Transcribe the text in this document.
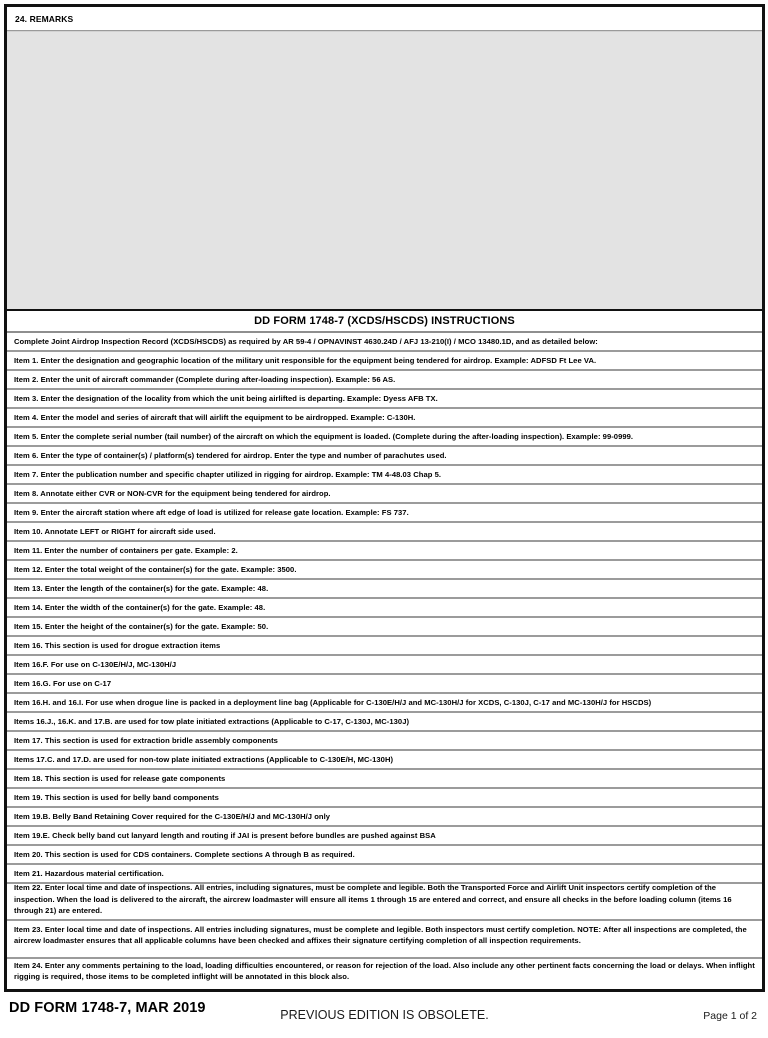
24. REMARKS
DD FORM 1748-7 (XCDS/HSCDS) INSTRUCTIONS
Complete Joint Airdrop Inspection Record (XCDS/HSCDS) as required by AR 59-4 / OPNAVINST 4630.24D / AFJ 13-210(I) / MCO 13480.1D, and as detailed below:
Item 1. Enter the designation and geographic location of the military unit responsible for the equipment being tendered for airdrop. Example: ADFSD Ft Lee VA.
Item 2. Enter the unit of aircraft commander (Complete during after-loading inspection). Example: 56 AS.
Item 3. Enter the designation of the locality from which the unit being airlifted is departing. Example: Dyess AFB TX.
Item 4. Enter the model and series of aircraft that will airlift the equipment to be airdropped. Example: C-130H.
Item 5. Enter the complete serial number (tail number) of the aircraft on which the equipment is loaded. (Complete during the after-loading inspection). Example: 99-0999.
Item 6. Enter the type of container(s) / platform(s) tendered for airdrop. Enter the type and number of parachutes used.
Item 7. Enter the publication number and specific chapter utilized in rigging for airdrop. Example: TM 4-48.03 Chap 5.
Item 8. Annotate either CVR or NON-CVR for the equipment being tendered for airdrop.
Item 9. Enter the aircraft station where aft edge of load is utilized for release gate location. Example: FS 737.
Item 10. Annotate LEFT or RIGHT for aircraft side used.
Item 11. Enter the number of containers per gate. Example: 2.
Item 12. Enter the total weight of the container(s) for the gate. Example: 3500.
Item 13. Enter the length of the container(s) for the gate. Example: 48.
Item 14. Enter the width of the container(s) for the gate. Example: 48.
Item 15. Enter the height of the container(s) for the gate. Example: 50.
Item 16. This section is used for drogue extraction items
Item 16.F. For use on C-130E/H/J, MC-130H/J
Item 16.G. For use on C-17
Item 16.H. and 16.I. For use when drogue line is packed in a deployment line bag (Applicable for C-130E/H/J and MC-130H/J for XCDS, C-130J, C-17 and MC-130H/J for HSCDS)
Items 16.J., 16.K. and 17.B. are used for tow plate initiated extractions (Applicable to C-17, C-130J, MC-130J)
Item 17. This section is used for extraction bridle assembly components
Items 17.C. and 17.D. are used for non-tow plate initiated extractions (Applicable to C-130E/H, MC-130H)
Item 18. This section is used for release gate components
Item 19. This section is used for belly band components
Item 19.B. Belly Band Retaining Cover required for the C-130E/H/J and MC-130H/J only
Item 19.E. Check belly band cut lanyard length and routing if JAI is present before bundles are pushed against BSA
Item 20. This section is used for CDS containers. Complete sections A through B as required.
Item 21. Hazardous material certification.
Item 22. Enter local time and date of inspections. All entries, including signatures, must be complete and legible. Both the Transported Force and Airlift Unit inspectors certify completion of the inspection. When the load is delivered to the aircraft, the aircrew loadmaster will ensure all items 1 through 15 are entered and correct, and ensure all checks in the before loading column (items 16 through 21) are entered.
Item 23. Enter local time and date of inspections. All entries including signatures, must be complete and legible. Both inspectors must certify completion. NOTE: After all inspections are completed, the aircrew loadmaster ensures that all applicable columns have been checked and affixes their signature certifying completion of all inspection requirements.
Item 24. Enter any comments pertaining to the load, loading difficulties encountered, or reason for rejection of the load. Also include any other pertinent facts concerning the load or delays. When inflight rigging is required, those items to be completed inflight will be annotated in this block also.
DD FORM 1748-7, MAR 2019	PREVIOUS EDITION IS OBSOLETE.	Page 1 of 2
